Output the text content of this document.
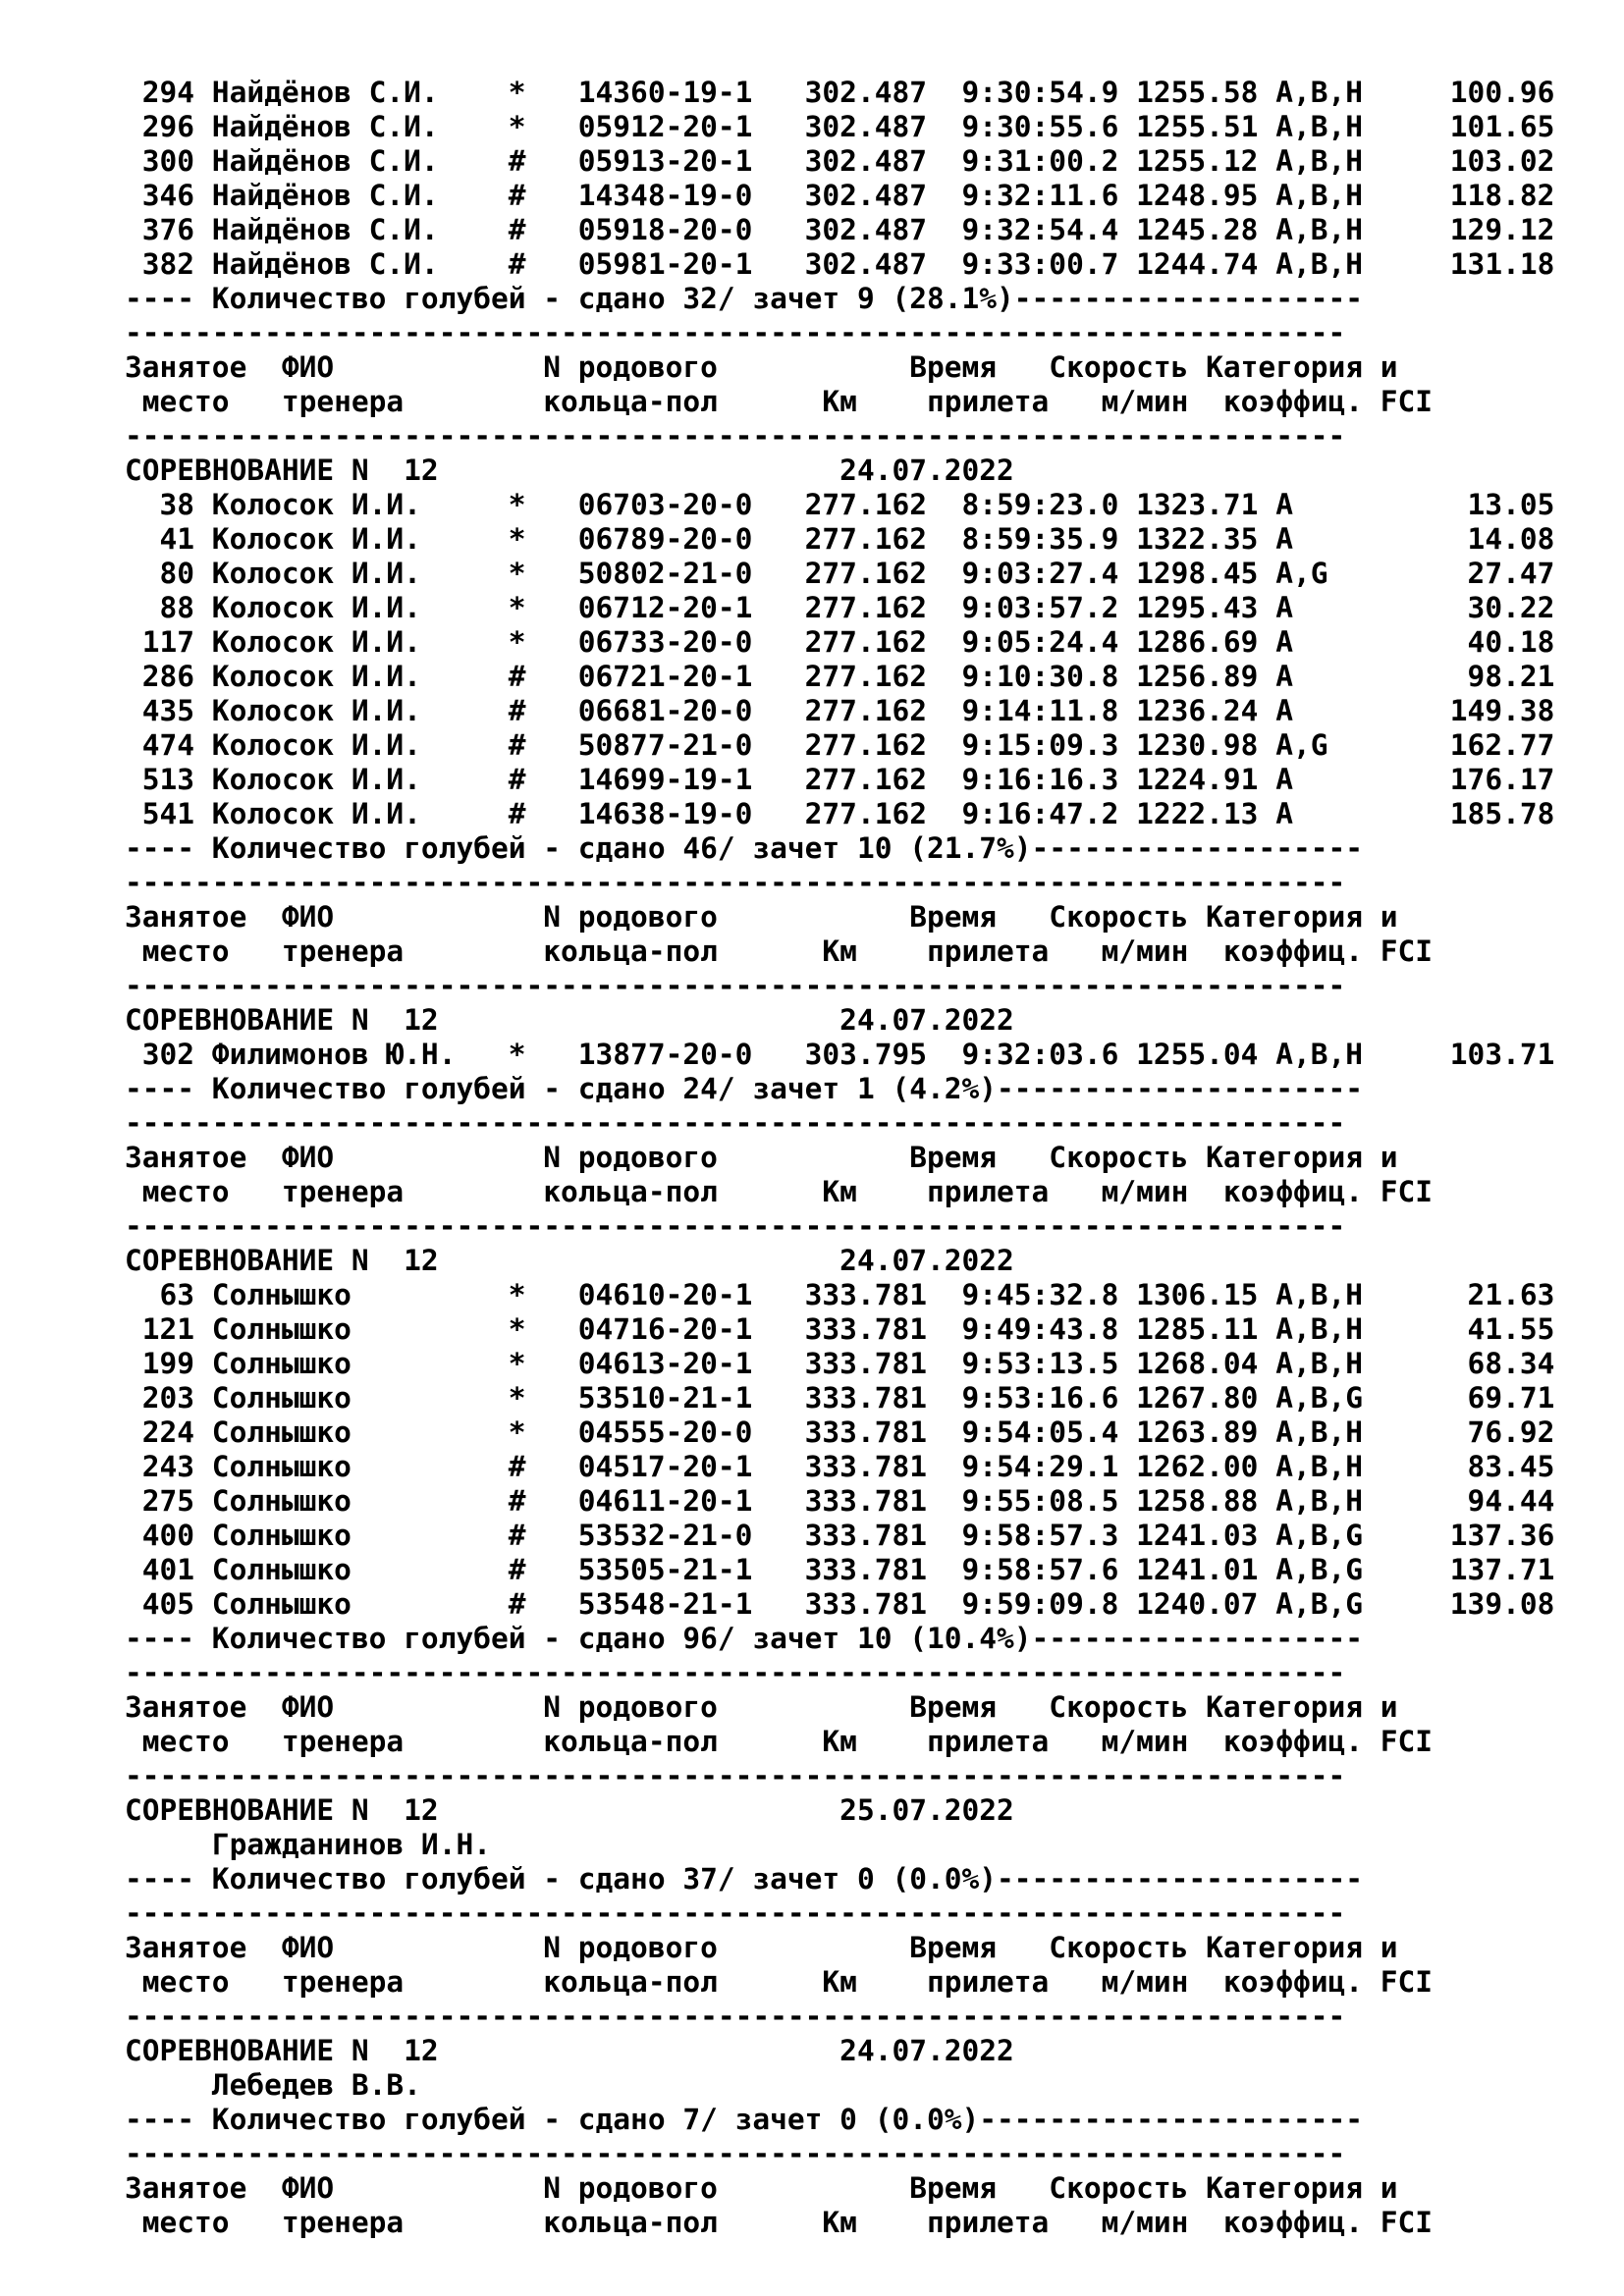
294 Найдёнов С.И.    *   14360-19-1   302.487  9:30:54.9 1255.58 A,B,H     100.96
296 Найдёнов С.И.    *   05912-20-1   302.487  9:30:55.6 1255.51 A,B,H     101.65
300 Найдёнов С.И.    #   05913-20-1   302.487  9:31:00.2 1255.12 A,B,H     103.02
346 Найдёнов С.И.    #   14348-19-0   302.487  9:32:11.6 1248.95 A,B,H     118.82
376 Найдёнов С.И.    #   05918-20-0   302.487  9:32:54.4 1245.28 A,B,H     129.12
382 Найдёнов С.И.    #   05981-20-1   302.487  9:33:00.7 1244.74 A,B,H     131.18
---- Количество голубей - сдано 32/ зачет 9 (28.1%)--------------------
----------------------------------------------------------------------
Занятое  ФИО            N родового           Время   Скорость Категория и
место   тренера        кольца-пол      Км    прилета   м/мин  коэффиц. FCI
----------------------------------------------------------------------
СОРЕВНОВАНИЕ N  12                       24.07.2022
38 Колосок И.И.     *   06703-20-0   277.162  8:59:23.0 1323.71 A          13.05
41 Колосок И.И.     *   06789-20-0   277.162  8:59:35.9 1322.35 A          14.08
80 Колосок И.И.     *   50802-21-0   277.162  9:03:27.4 1298.45 A,G        27.47
88 Колосок И.И.     *   06712-20-1   277.162  9:03:57.2 1295.43 A          30.22
117 Колосок И.И.     *   06733-20-0   277.162  9:05:24.4 1286.69 A          40.18
286 Колосок И.И.     #   06721-20-1   277.162  9:10:30.8 1256.89 A          98.21
435 Колосок И.И.     #   06681-20-0   277.162  9:14:11.8 1236.24 A         149.38
474 Колосок И.И.     #   50877-21-0   277.162  9:15:09.3 1230.98 A,G       162.77
513 Колосок И.И.     #   14699-19-1   277.162  9:16:16.3 1224.91 A         176.17
541 Колосок И.И.     #   14638-19-0   277.162  9:16:47.2 1222.13 A         185.78
---- Количество голубей - сдано 46/ зачет 10 (21.7%)-------------------
----------------------------------------------------------------------
Занятое  ФИО            N родового           Время   Скорость Категория и
место   тренера        кольца-пол      Км    прилета   м/мин  коэффиц. FCI
----------------------------------------------------------------------
СОРЕВНОВАНИЕ N  12                       24.07.2022
302 Филимонов Ю.Н.   *   13877-20-0   303.795  9:32:03.6 1255.04 A,B,H     103.71
---- Количество голубей - сдано 24/ зачет 1 (4.2%)---------------------
----------------------------------------------------------------------
Занятое  ФИО            N родового           Время   Скорость Категория и
место   тренера        кольца-пол      Км    прилета   м/мин  коэффиц. FCI
----------------------------------------------------------------------
СОРЕВНОВАНИЕ N  12                       24.07.2022
63 Солнышко         *   04610-20-1   333.781  9:45:32.8 1306.15 A,B,H      21.63
121 Солнышко         *   04716-20-1   333.781  9:49:43.8 1285.11 A,B,H      41.55
199 Солнышко         *   04613-20-1   333.781  9:53:13.5 1268.04 A,B,H      68.34
203 Солнышко         *   53510-21-1   333.781  9:53:16.6 1267.80 A,B,G      69.71
224 Солнышко         *   04555-20-0   333.781  9:54:05.4 1263.89 A,B,H      76.92
243 Солнышко         #   04517-20-1   333.781  9:54:29.1 1262.00 A,B,H      83.45
275 Солнышко         #   04611-20-1   333.781  9:55:08.5 1258.88 A,B,H      94.44
400 Солнышко         #   53532-21-0   333.781  9:58:57.3 1241.03 A,B,G     137.36
401 Солнышко         #   53505-21-1   333.781  9:58:57.6 1241.01 A,B,G     137.71
405 Солнышко         #   53548-21-1   333.781  9:59:09.8 1240.07 A,B,G     139.08
---- Количество голубей - сдано 96/ зачет 10 (10.4%)-------------------
----------------------------------------------------------------------
Занятое  ФИО            N родового           Время   Скорость Категория и
место   тренера        кольца-пол      Км    прилета   м/мин  коэффиц. FCI
----------------------------------------------------------------------
СОРЕВНОВАНИЕ N  12                       25.07.2022
Гражданинов И.Н.
---- Количество голубей - сдано 37/ зачет 0 (0.0%)---------------------
----------------------------------------------------------------------
Занятое  ФИО            N родового           Время   Скорость Категория и
место   тренера        кольца-пол      Км    прилета   м/мин  коэффиц. FCI
----------------------------------------------------------------------
СОРЕВНОВАНИЕ N  12                       24.07.2022
Лебедев В.В.
---- Количество голубей - сдано 7/ зачет 0 (0.0%)----------------------
----------------------------------------------------------------------
Занятое  ФИО            N родового           Время   Скорость Категория и
место   тренера        кольца-пол      Км    прилета   м/мин  коэффиц. FCI
